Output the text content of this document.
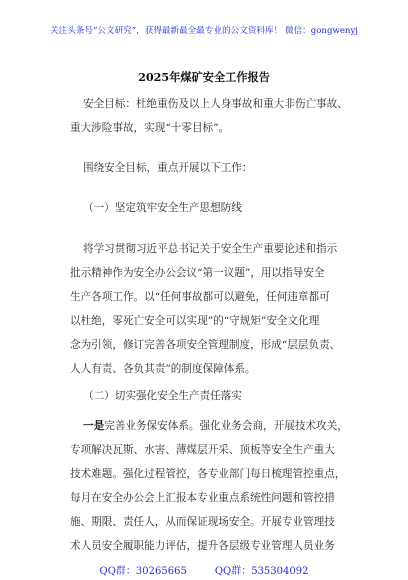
关注头条号“公文研究”，获得最新最全最专业的公文资料库！ 微信：gongwenyj
2025年煤矿安全工作报告
安全目标：杜绝重伤及以上人身事故和重大非伤亡事故、
重大涉险事故，实现“十零目标”。
围绕安全目标，重点开展以下工作：
（一）坚定筑牢安全生产思想防线
将学习贯彻习近平总书记关于安全生产重要论述和指示
批示精神作为安全办公会议“第一议题”，用以指导安全
生产各项工作。以“任何事故都可以避免，任何违章都可
以杜绝，零死亡安全可以实现”的“守规矩”安全文化理
念为引领，修订完善各项安全管理制度，形成“层层负责、
人人有责、各负其责”的制度保障体系。
（二）切实强化安全生产责任落实
一是完善业务保安体系。强化业务会商，开展技术攻关，
专项解决瓦斯、水害、薄煤层开采、顶板等安全生产重大
技术难题。强化过程管控，各专业部门每日梳理管控重点，
每月在安全办公会上汇报本专业重点系统性问题和管控措
施、期限、责任人，从而保证现场安全。开展专业管理技
术人员安全履职能力评估，提升各层级专业管理人员业务
QQ群：30265665	QQ群：535304092
